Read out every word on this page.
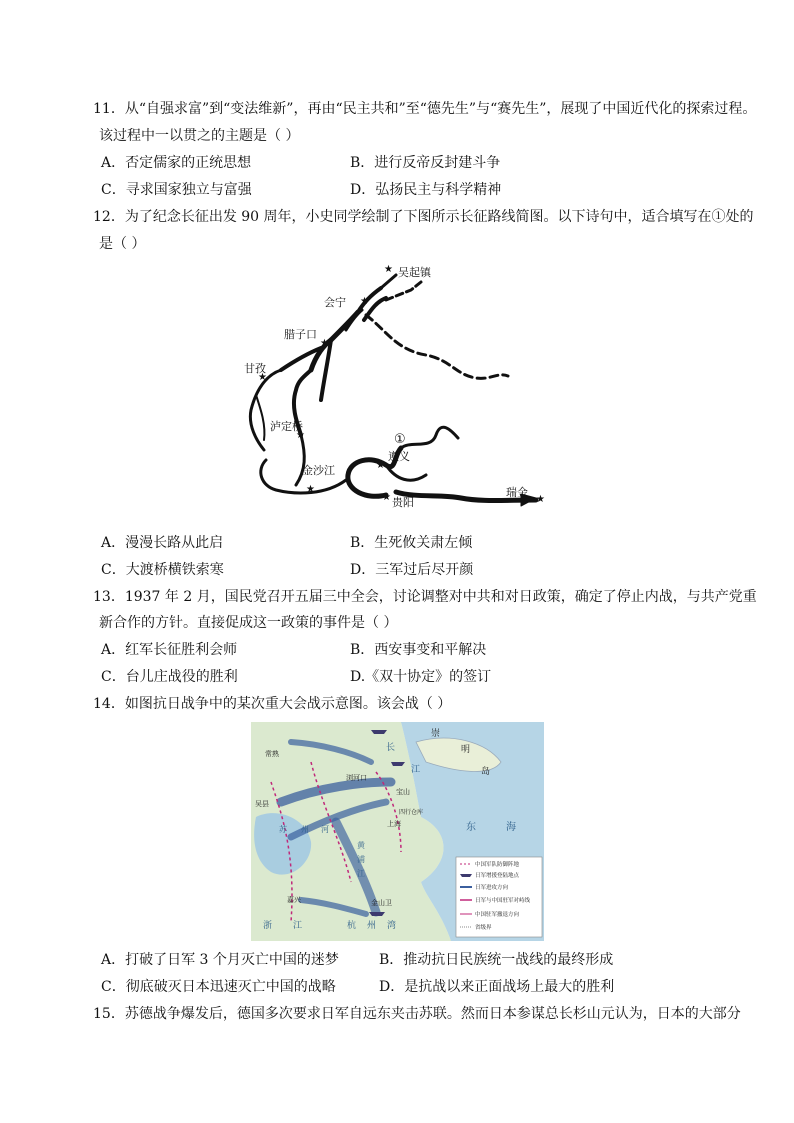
11．从“自强求富”到“变法维新”，再由“民主共和”至“德先生”与“赛先生”，展现了中国近代化的探索过程。
该过程中一以贯之的主题是（ ）
A．否定儒家的正统思想	B．进行反帝反封建斗争
C．寻求国家独立与富强	D．弘扬民主与科学精神
12．为了纪念长征出发 90 周年，小史同学绘制了下图所示长征路线简图。以下诗句中，适合填写在①处的
是（ ）
吴起镇
★
会宁 ★
腊子口
★
甘孜
★
泸定桥
★
金沙江
★
遵义
★
贵阳
★	瑞金
★
①
A．漫漫长路从此启	B．生死攸关肃左倾
C．大渡桥横铁索寒	D．三军过后尽开颜
13．1937 年 2 月，国民党召开五届三中全会，讨论调整对中共和对日政策，确定了停止内战，与共产党重
新合作的方针。直接促成这一政策的事件是（ ）
A．红军长征胜利会师	B．西安事变和平解决
C．台儿庄战役的胜利	D.《双十协定》的签订
14．如图抗日战争中的某次重大会战示意图。该会战（ ）
常熟
崇
明
岛
长
江
浏河口
宝山
吴县
四行仓库
上海	东	海
苏 州 河
黄
浦
江
嘉兴	金山卫
浙 江	杭 州 湾
中国军队防御阵地
日军增援登陆地点
日军进攻方向
日军与中国驻军对峙线
中国驻军撤退方向
省级界
A．打破了日军 3 个月灭亡中国的迷梦	B．推动抗日民族统一战线的最终形成
C．彻底破灭日本迅速灭亡中国的战略	D．是抗战以来正面战场上最大的胜利
15．苏德战争爆发后，德国多次要求日军自远东夹击苏联。然而日本参谋总长杉山元认为，日本的大部分
